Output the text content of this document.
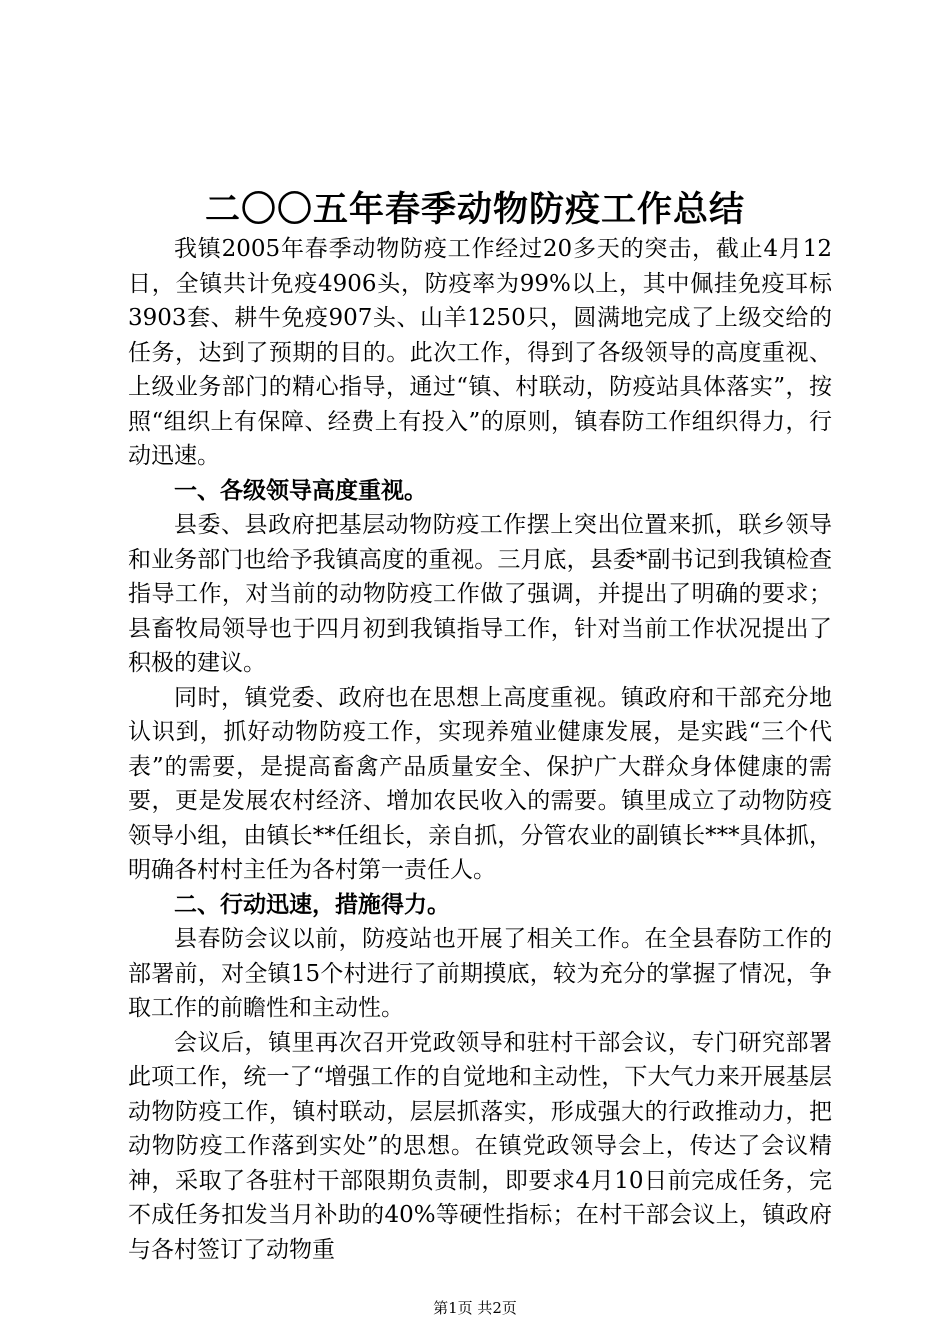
二〇〇五年春季动物防疫工作总结

我镇2005年春季动物防疫工作经过20多天的突击，截止4月12日，全镇共计免疫4906头，防疫率为99%以上，其中佩挂免疫耳标3903套、耕牛免疫907头、山羊1250只，圆满地完成了上级交给的任务，达到了预期的目的。此次工作，得到了各级领导的高度重视、上级业务部门的精心指导，通过“镇、村联动，防疫站具体落实”，按照“组织上有保障、经费上有投入”的原则，镇春防工作组织得力，行动迅速。

一、各级领导高度重视。

县委、县政府把基层动物防疫工作摆上突出位置来抓，联乡领导和业务部门也给予我镇高度的重视。三月底，县委*副书记到我镇检查指导工作，对当前的动物防疫工作做了强调，并提出了明确的要求；县畜牧局领导也于四月初到我镇指导工作，针对当前工作状况提出了积极的建议。

同时，镇党委、政府也在思想上高度重视。镇政府和干部充分地认识到，抓好动物防疫工作，实现养殖业健康发展，是实践“三个代表”的需要，是提高畜禽产品质量安全、保护广大群众身体健康的需要，更是发展农村经济、增加农民收入的需要。镇里成立了动物防疫领导小组，由镇长**任组长，亲自抓，分管农业的副镇长***具体抓，明确各村村主任为各村第一责任人。

二、行动迅速，措施得力。

县春防会议以前，防疫站也开展了相关工作。在全县春防工作的部署前，对全镇15个村进行了前期摸底，较为充分的掌握了情况，争取工作的前瞻性和主动性。

会议后，镇里再次召开党政领导和驻村干部会议，专门研究部署此项工作，统一了“增强工作的自觉地和主动性，下大气力来开展基层动物防疫工作，镇村联动，层层抓落实，形成强大的行政推动力，把动物防疫工作落到实处”的思想。在镇党政领导会上，传达了会议精神，采取了各驻村干部限期负责制，即要求4月10日前完成任务，完不成任务扣发当月补助的40%等硬性指标；在村干部会议上，镇政府与各村签订了动物重

第1页 共2页
